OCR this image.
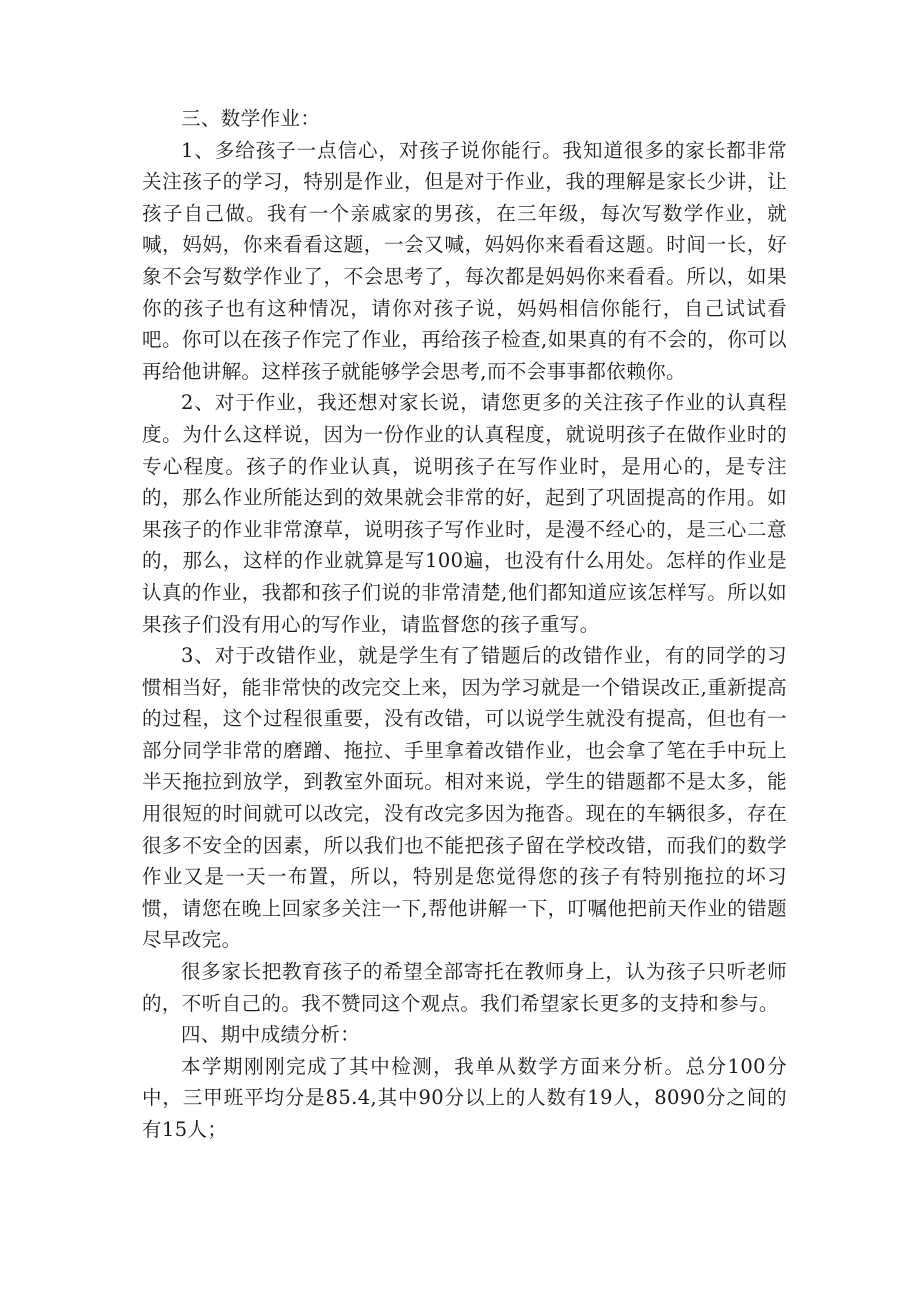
三、数学作业：

1、多给孩子一点信心，对孩子说你能行。我知道很多的家长都非常关注孩子的学习，特别是作业，但是对于作业，我的理解是家长少讲，让孩子自己做。我有一个亲戚家的男孩，在三年级，每次写数学作业，就喊，妈妈，你来看看这题，一会又喊，妈妈你来看看这题。时间一长，好象不会写数学作业了，不会思考了，每次都是妈妈你来看看。所以，如果你的孩子也有这种情况，请你对孩子说，妈妈相信你能行，自己试试看吧。你可以在孩子作完了作业，再给孩子检查,如果真的有不会的，你可以再给他讲解。这样孩子就能够学会思考,而不会事事都依赖你。

2、对于作业，我还想对家长说，请您更多的关注孩子作业的认真程度。为什么这样说，因为一份作业的认真程度，就说明孩子在做作业时的专心程度。孩子的作业认真，说明孩子在写作业时，是用心的，是专注的，那么作业所能达到的效果就会非常的好，起到了巩固提高的作用。如果孩子的作业非常潦草，说明孩子写作业时，是漫不经心的，是三心二意的，那么，这样的作业就算是写100遍，也没有什么用处。怎样的作业是认真的作业，我都和孩子们说的非常清楚,他们都知道应该怎样写。所以如果孩子们没有用心的写作业，请监督您的孩子重写。

3、对于改错作业，就是学生有了错题后的改错作业，有的同学的习惯相当好，能非常快的改完交上来，因为学习就是一个错误改正,重新提高的过程，这个过程很重要，没有改错，可以说学生就没有提高，但也有一部分同学非常的磨蹭、拖拉、手里拿着改错作业，也会拿了笔在手中玩上半天拖拉到放学，到教室外面玩。相对来说，学生的错题都不是太多，能用很短的时间就可以改完，没有改完多因为拖沓。现在的车辆很多，存在很多不安全的因素，所以我们也不能把孩子留在学校改错，而我们的数学作业又是一天一布置，所以，特别是您觉得您的孩子有特别拖拉的坏习惯，请您在晚上回家多关注一下,帮他讲解一下，叮嘱他把前天作业的错题尽早改完。

很多家长把教育孩子的希望全部寄托在教师身上，认为孩子只听老师的，不听自己的。我不赞同这个观点。我们希望家长更多的支持和参与。

四、期中成绩分析：

本学期刚刚完成了其中检测，我单从数学方面来分析。总分100分中，三甲班平均分是85.4,其中90分以上的人数有19人，8090分之间的有15人；
